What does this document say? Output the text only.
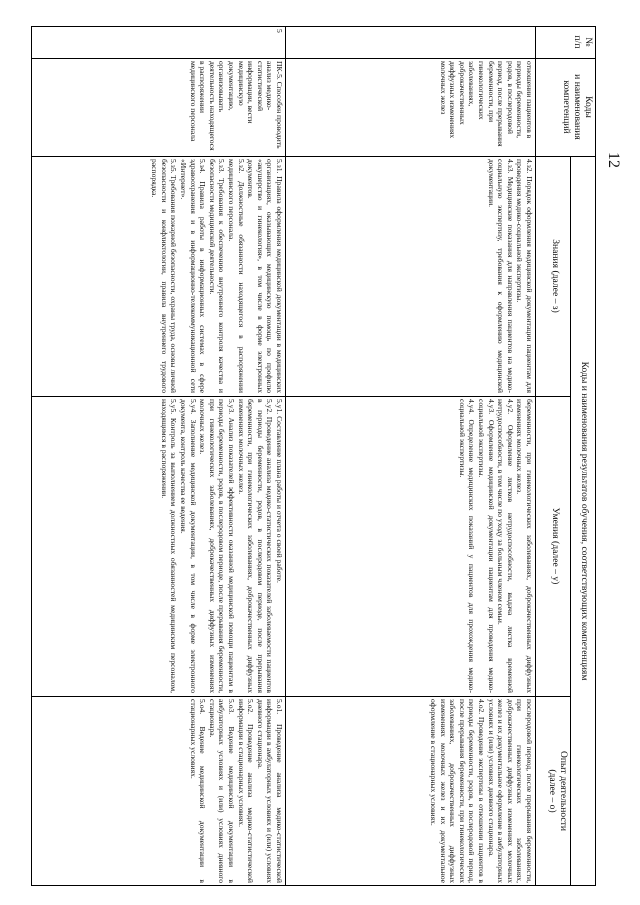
12
№
п/п
Коды
и наименования
компетенций
Коды и наименования результатов обучения, соответствующих компетенциям
Знания (далее – з)
Умения (далее – у)
Опыт деятельности
(далее – о)
отношении пациентов в периоды беременности, родов, в послеродовой период, после прерывания беременности, при гинекологических заболеваниях, доброкачественных диффузных изменениях молочных желез
4.з2. Порядок оформления медицинской документации пациентам для проведения медико-социальной экспертизы.
4.з3. Медицинские показания для направления пациентов на медико-социальную экспертизу, требования к оформлению медицинской документации.
беременности, при гинекологических заболеваниях, доброкачественных диффузных изменениях молочных желез.
4.у2. Оформление листков нетрудоспособности, выдача листка временной нетрудоспособности, в том числе по уходу за больным членом семьи.
4.у3. Оформление медицинской документации пациентам для проведения медико-социальной экспертизы.
4.у4. Определение медицинских показаний у пациентов для прохождения медико-социальной экспертизы.
послеродовой период, после прерывания беременности, при гинекологических заболеваниях, доброкачественных диффузных изменениях молочных желез и их документальное оформление в амбулаторных условиях и (или) условиях дневного стационара.
4.о2. Проведение экспертизы в отношении пациентов в периоды беременности, родов, в послеродовой период, после прерывания беременности, при гинекологических заболеваниях, доброкачественных диффузных изменениях молочных желез и их документальное оформление в стационарных условиях.
5
ПК-5. Способен проводить анализ медико-статистической информации, вести медицинскую документацию, организовывать деятельность находящегося в распоряжении медицинского персонала
5.з1. Правила оформления медицинской документации в медицинских организациях, оказывающих медицинскую помощь по профилю «акушерство и гинекология», в том числе в форме электронных документов.
5.з2. Должностные обязанности находящегося в распоряжении медицинского персонала.
5.з3. Требования к обеспечению внутреннего контроля качества и безопасности медицинской деятельности.
5.з4. Правила работы в информационных системах в сфере здравоохранения и в информационно-телекоммуникационной сети «Интернет».
5.з5. Требования пожарной безопасности, охраны труда, основы личной безопасности и конфликтологии, правила внутреннего трудового распорядка.
5.у1. Составление плана работы и отчета о своей работе.
5.у2. Проведение анализа медико-статистических показателей заболеваемости пациентов в периоды беременности, родов, в послеродовом периоде, после прерывания беременности, при гинекологических заболеваниях, доброкачественных диффузных изменениях молочных желез.
5.у3. Анализ показателей эффективности оказанной медицинской помощи пациентам в периоды беременности, родов, в послеродовом периоде, после прерывания беременности, при гинекологических заболеваниях, доброкачественных диффузных изменениях молочных желез.
5.у4. Заполнение медицинской документации, в том числе в форме электронного документа, контроль качества ее ведения.
5.у5. Контроль за выполнением должностных обязанностей медицинским персоналом, находящимся в распоряжении.
5.о1. Проведение анализа медико-статистической информации в амбулаторных условиях и (или) условиях дневного стационара.
5.о2. Проведение анализа медико-статистической информации в стационарных условиях.
5.о3. Ведение медицинской документации в амбулаторных условиях и (или) условиях дневного стационара.
5.о4. Ведение медицинской документации в стационарных условиях.
